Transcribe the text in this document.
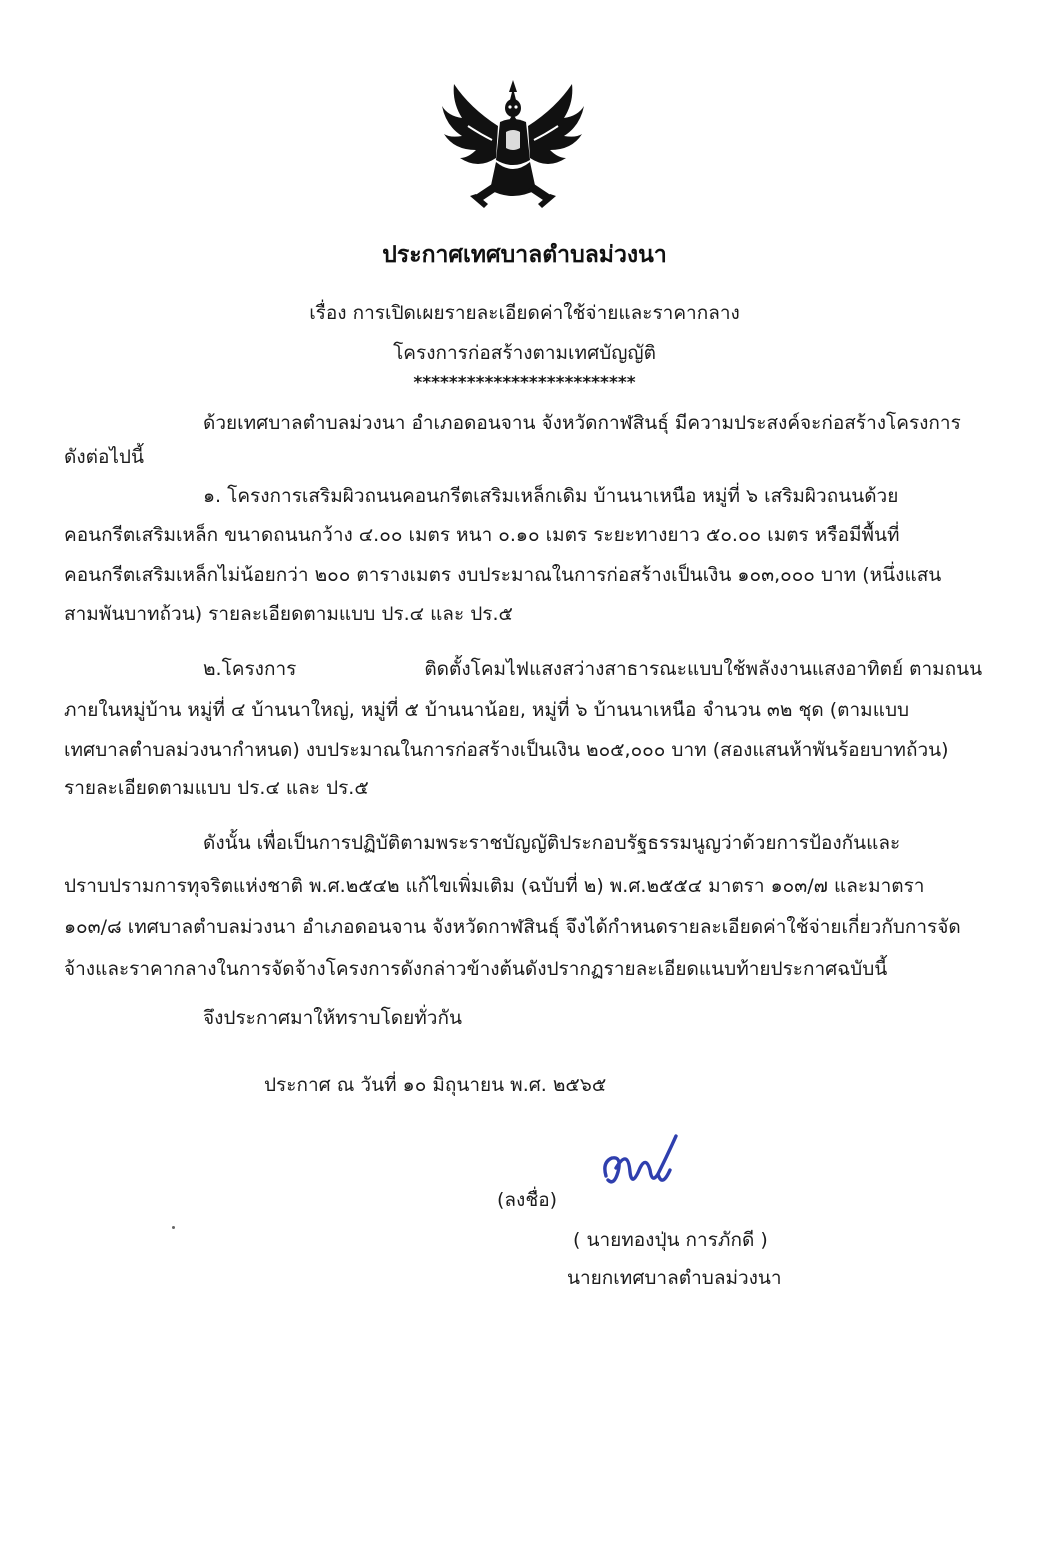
ประกาศเทศบาลตำบลม่วงนา
เรื่อง การเปิดเผยรายละเอียดค่าใช้จ่ายและราคากลาง
โครงการก่อสร้างตามเทศบัญญัติ
*************************
ด้วยเทศบาลตำบลม่วงนา อำเภอดอนจาน จังหวัดกาฬสินธุ์ มีความประสงค์จะก่อสร้างโครงการ
ดังต่อไปนี้
๑. โครงการเสริมผิวถนนคอนกรีตเสริมเหล็กเดิม บ้านนาเหนือ หมู่ที่ ๖ เสริมผิวถนนด้วย
คอนกรีตเสริมเหล็ก ขนาดถนนกว้าง ๔.๐๐ เมตร หนา ๐.๑๐ เมตร ระยะทางยาว ๕๐.๐๐ เมตร หรือมีพื้นที่
คอนกรีตเสริมเหล็กไม่น้อยกว่า ๒๐๐ ตารางเมตร งบประมาณในการก่อสร้างเป็นเงิน ๑๐๓,๐๐๐ บาท (หนึ่งแสน
สามพันบาทถ้วน) รายละเอียดตามแบบ ปร.๔ และ ปร.๕
๒.โครงการ	ติดตั้งโคมไฟแสงสว่างสาธารณะแบบใช้พลังงานแสงอาทิตย์ ตามถนน
ภายในหมู่บ้าน หมู่ที่ ๔ บ้านนาใหญ่, หมู่ที่ ๕ บ้านนาน้อย, หมู่ที่ ๖ บ้านนาเหนือ จำนวน ๓๒ ชุด (ตามแบบ
เทศบาลตำบลม่วงนากำหนด) งบประมาณในการก่อสร้างเป็นเงิน ๒๐๕,๐๐๐ บาท (สองแสนห้าพันร้อยบาทถ้วน)
รายละเอียดตามแบบ ปร.๔ และ ปร.๕
ดังนั้น เพื่อเป็นการปฏิบัติตามพระราชบัญญัติประกอบรัฐธรรมนูญว่าด้วยการป้องกันและ
ปราบปรามการทุจริตแห่งชาติ พ.ศ.๒๕๔๒ แก้ไขเพิ่มเติม (ฉบับที่ ๒) พ.ศ.๒๕๕๔ มาตรา ๑๐๓/๗ และมาตรา
๑๐๓/๘ เทศบาลตำบลม่วงนา อำเภอดอนจาน จังหวัดกาฬสินธุ์ จึงได้กำหนดรายละเอียดค่าใช้จ่ายเกี่ยวกับการจัด
จ้างและราคากลางในการจัดจ้างโครงการดังกล่าวข้างต้นดังปรากฏรายละเอียดแนบท้ายประกาศฉบับนี้
จึงประกาศมาให้ทราบโดยทั่วกัน
ประกาศ ณ วันที่ ๑๐ มิถุนายน พ.ศ. ๒๕๖๕
(ลงชื่อ)
( นายทองปุ่น การภักดี )
นายกเทศบาลตำบลม่วงนา
